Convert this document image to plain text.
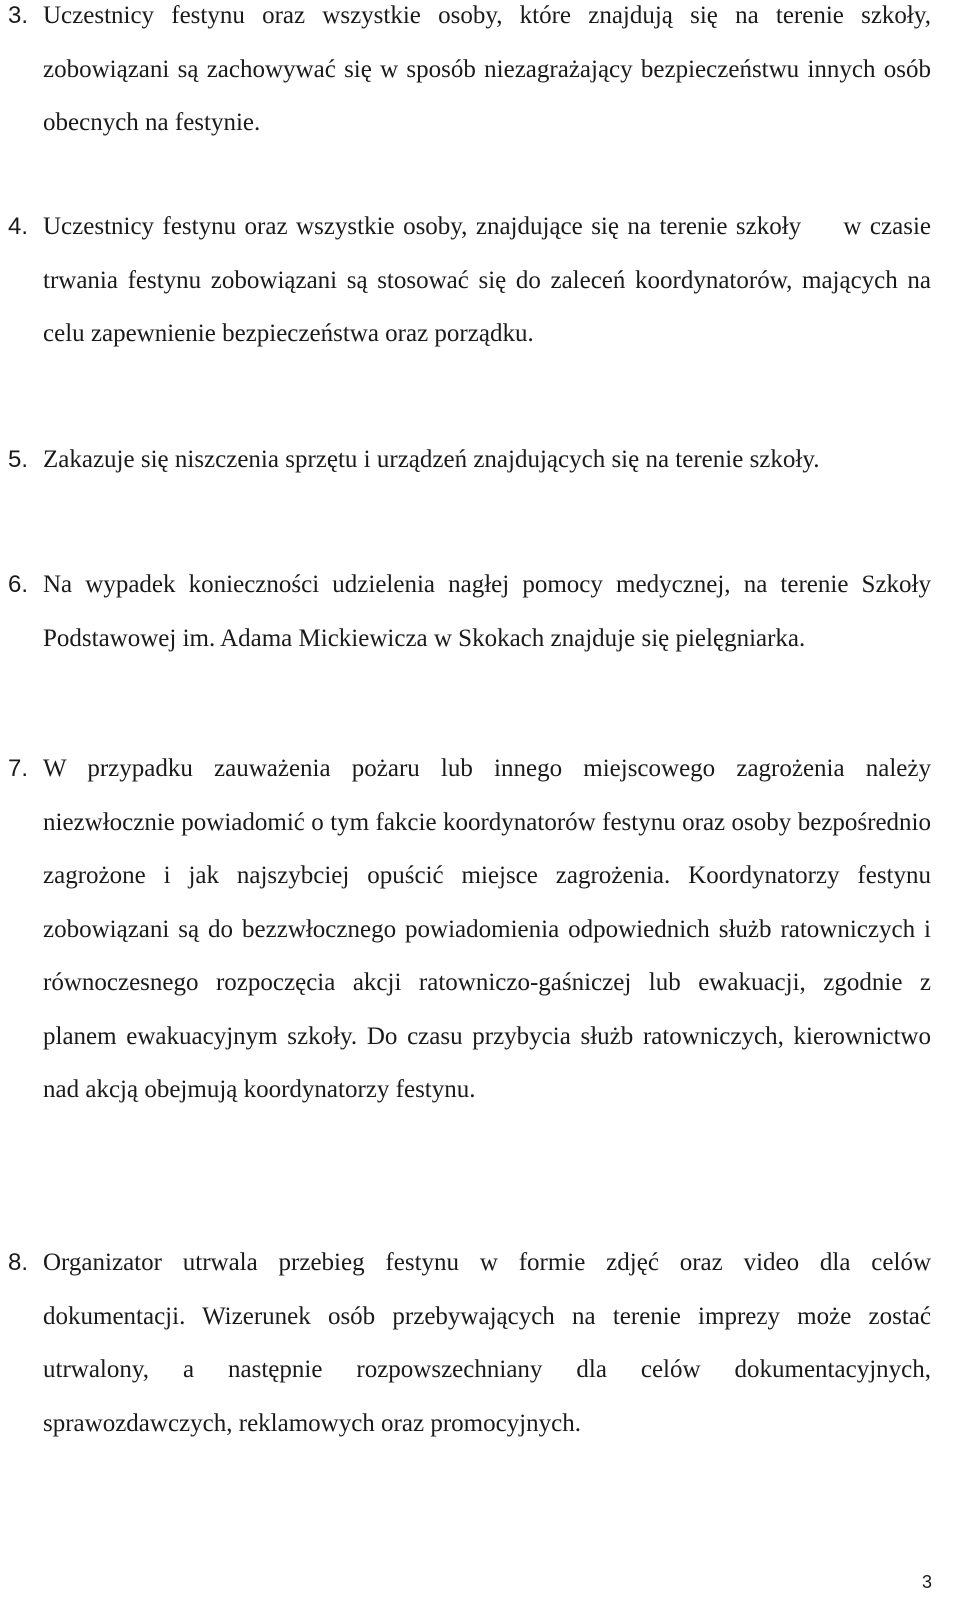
3. Uczestnicy festynu oraz wszystkie osoby, które znajdują się na terenie szkoły, zobowiązani są zachowywać się w sposób niezagrażający bezpieczeństwu innych osób obecnych na festynie.
4. Uczestnicy festynu oraz wszystkie osoby, znajdujące się na terenie szkoły     w czasie trwania festynu zobowiązani są stosować się do zaleceń koordynatorów, mających na celu zapewnienie bezpieczeństwa oraz porządku.
5. Zakazuje się niszczenia sprzętu i urządzeń znajdujących się na terenie szkoły.
6. Na wypadek konieczności udzielenia nagłej pomocy medycznej, na terenie Szkoły Podstawowej im. Adama Mickiewicza w Skokach znajduje się pielęgniarka.
7. W przypadku zauważenia pożaru lub innego miejscowego zagrożenia należy niezwłocznie powiadomić o tym fakcie koordynatorów festynu oraz osoby bezpośrednio zagrożone i jak najszybciej opuścić miejsce zagrożenia. Koordynatorzy festynu zobowiązani są do bezzwłocznego powiadomienia odpowiednich służb ratowniczych i równoczesnego rozpoczęcia akcji ratowniczo-gaśniczej lub ewakuacji, zgodnie z planem ewakuacyjnym szkoły. Do czasu przybycia służb ratowniczych, kierownictwo nad akcją obejmują koordynatorzy festynu.
8. Organizator utrwala przebieg festynu w formie zdjęć oraz video dla celów dokumentacji. Wizerunek osób przebywających na terenie imprezy może zostać utrwalony, a następnie rozpowszechniany dla celów dokumentacyjnych, sprawozdawczych, reklamowych oraz promocyjnych.
3
